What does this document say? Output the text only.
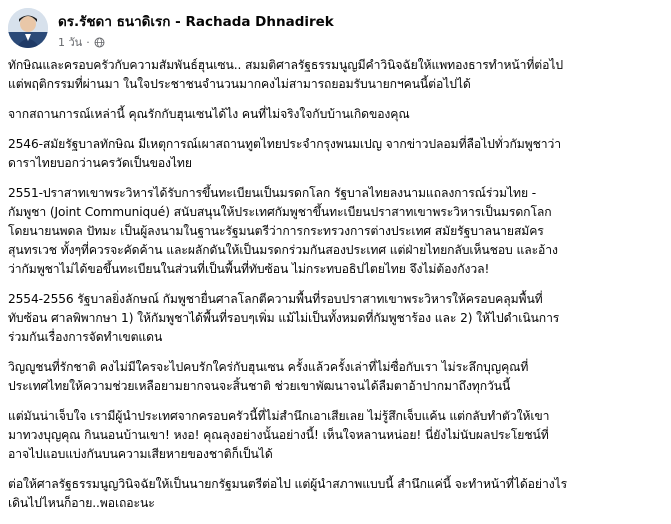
ดร.รัชดา ธนาดิเรก - Rachada Dhnadirek
1 วัน ·

ทักษิณและครอบครัวกับความสัมพันธ์ฮุนเซน.. สมมติศาลรัฐธรรมนูญมีคำวินิจฉัยให้แพทองธารทำหน้าที่ต่อไป
แต่พฤติกรรมที่ผ่านมา ในใจประชาชนจำนวนมากคงไม่สามารถยอมรับนายกฯคนนี้ต่อไปได้

จากสถานการณ์เหล่านี้ คุณรักกับฮุนเซนได้ไง คนที่ไม่จริงใจกับบ้านเกิดของคุณ

2546-สมัยรัฐบาลทักษิณ มีเหตุการณ์เผาสถานทูตไทยประจำกรุงพนมเปญ จากข่าวปลอมที่ลือไปทั่วกัมพูชาว่า
ดาราไทยบอกว่านครวัดเป็นของไทย

2551-ปราสาทเขาพระวิหารได้รับการขึ้นทะเบียนเป็นมรดกโลก รัฐบาลไทยลงนามแถลงการณ์ร่วมไทย -
กัมพูชา (Joint Communiqué) สนับสนุนให้ประเทศกัมพูชาขึ้นทะเบียนปราสาทเขาพระวิหารเป็นมรดกโลก
โดยนายนพดล ปัทมะ เป็นผู้ลงนามในฐานะรัฐมนตรีว่าการกระทรวงการต่างประเทศ สมัยรัฐบาลนายสมัคร
สุนทรเวช ทั้งๆที่ควรจะคัดค้าน และผลักดันให้เป็นมรดกร่วมกันสองประเทศ แต่ฝ่ายไทยกลับเห็นชอบ และอ้าง
ว่ากัมพูชาไม่ได้ขอขึ้นทะเบียนในส่วนที่เป็นพื้นที่ทับซ้อน ไม่กระทบอธิปไตยไทย จึงไม่ต้องกังวล!

2554-2556 รัฐบาลยิ่งลักษณ์ กัมพูชายื่นศาลโลกตีความพื้นที่รอบปราสาทเขาพระวิหารให้ครอบคลุมพื้นที่
ทับซ้อน ศาลพิพากษา 1) ให้กัมพูชาได้พื้นที่รอบๆเพิ่ม แม้ไม่เป็นทั้งหมดที่กัมพูชาร้อง และ 2) ให้ไปดำเนินการ
ร่วมกันเรื่องการจัดทำเขตแดน

วิญญูชนที่รักชาติ คงไม่มีใครจะไปคบรักใคร่กับฮุนเซน ครั้งแล้วครั้งเล่าที่ไม่ซื่อกับเรา ไม่ระลึกบุญคุณที่
ประเทศไทยให้ความช่วยเหลือยามยากจนจะสิ้นชาติ ช่วยเขาพัฒนาจนได้ลืมตาอ้าปากมาถึงทุกวันนี้

แต่มันน่าเจ็บใจ เรามีผู้นำประเทศจากครอบครัวนี้ที่ไม่สำนึกเอาเสียเลย ไม่รู้สึกเจ็บแค้น แต่กลับทำตัวให้เขา
มาทวงบุญคุณ กินนอนบ้านเขา! หงอ! คุณลุงอย่างนั้นอย่างนี้! เห็นใจหลานหน่อย! นี่ยังไม่นับผลประโยชน์ที่
อาจไปแอบแบ่งกันบนความเสียหายของชาติก็เป็นได้

ต่อให้ศาลรัฐธรรมนูญวินิจฉัยให้เป็นนายกรัฐมนตรีต่อไป แต่ผู้นำสภาพแบบนี้ สำนึกแค่นี้ จะทำหน้าที่ได้อย่างไร
เดินไปไหนก็อาย..พอเถอะนะ
